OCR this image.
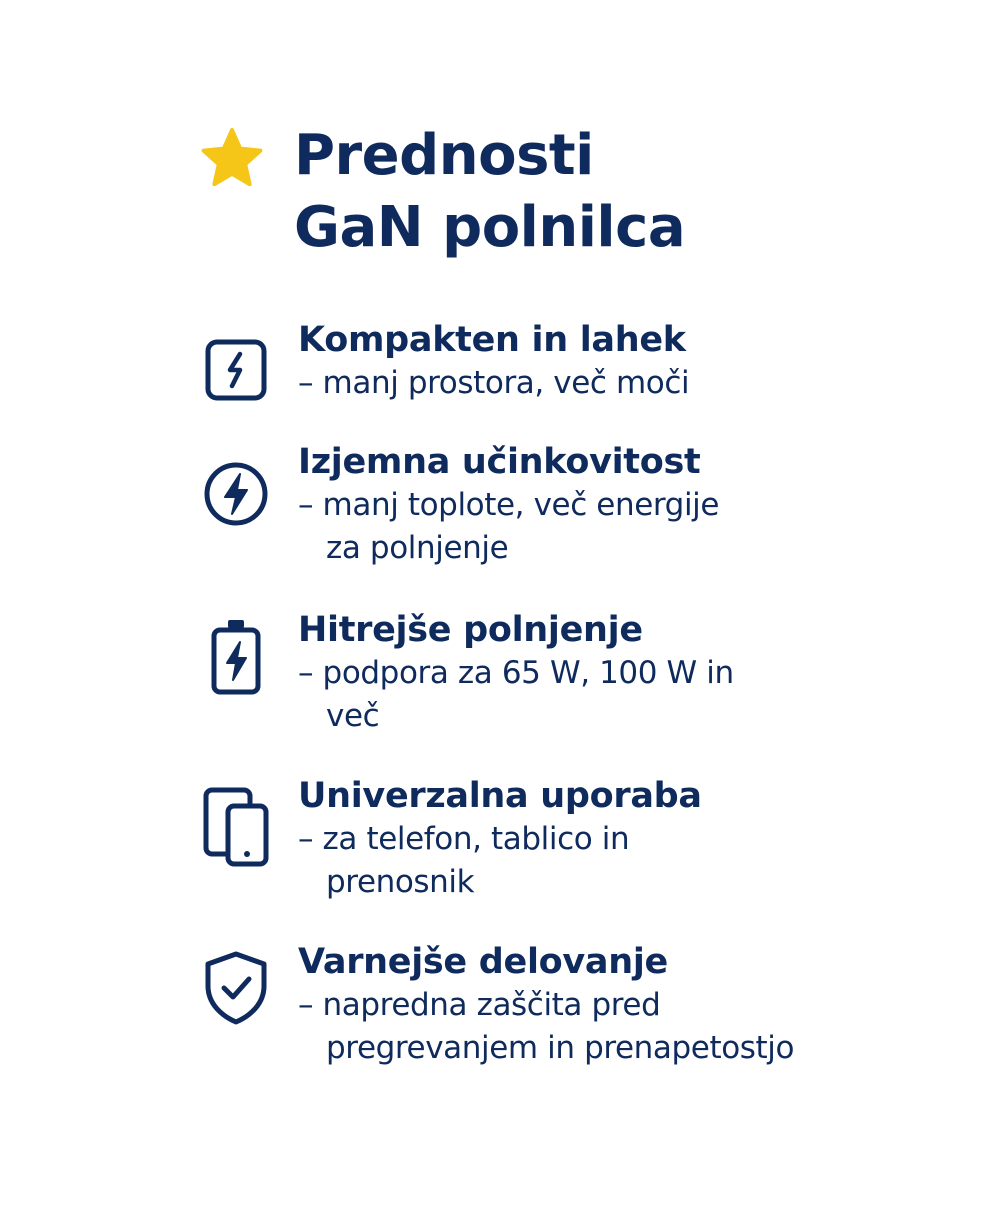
Prednosti
GaN polnilca
Kompakten in lahek
– manj prostora, več moči
Izjemna učinkovitost
– manj toplote, več energije
za polnjenje
Hitrejše polnjenje
– podpora za 65 W, 100 W in
več
Univerzalna uporaba
– za telefon, tablico in
prenosnik
Varnejše delovanje
– napredna zaščita pred
pregrevanjem in prenapetostjo
